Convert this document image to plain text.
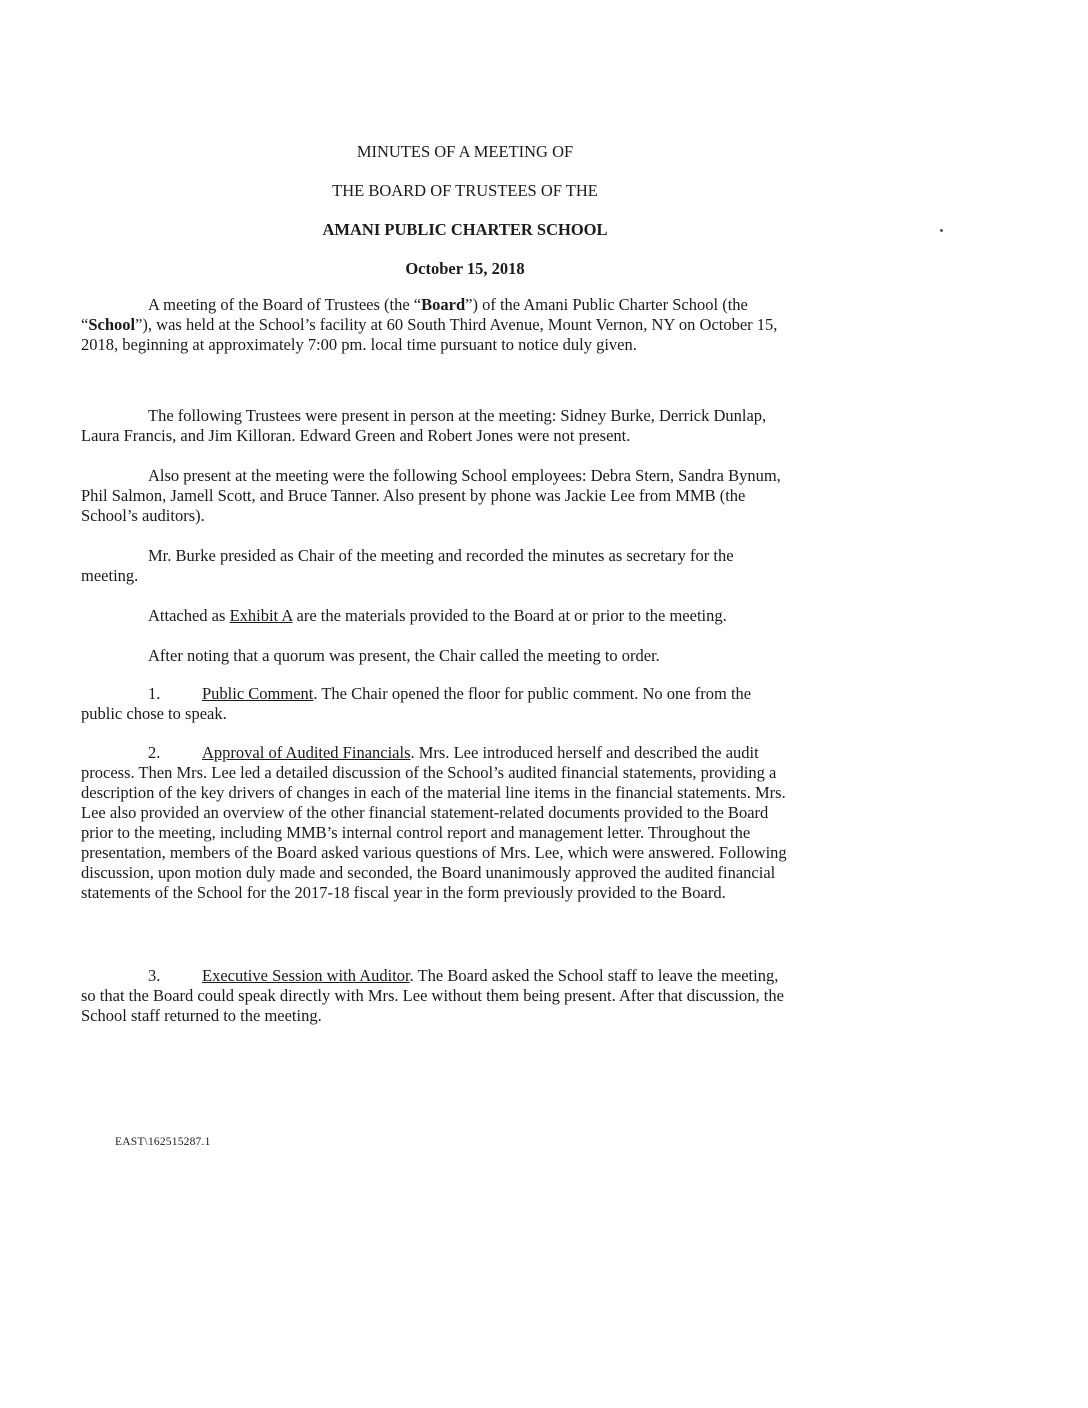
MINUTES OF A MEETING OF
THE BOARD OF TRUSTEES OF THE
AMANI PUBLIC CHARTER SCHOOL
October 15, 2018
A meeting of the Board of Trustees (the “Board”) of the Amani Public Charter School (the “School”), was held at the School’s facility at 60 South Third Avenue, Mount Vernon, NY on October 15, 2018, beginning at approximately 7:00 pm. local time pursuant to notice duly given.
The following Trustees were present in person at the meeting: Sidney Burke, Derrick Dunlap, Laura Francis, and Jim Killoran. Edward Green and Robert Jones were not present.
Also present at the meeting were the following School employees: Debra Stern, Sandra Bynum, Phil Salmon, Jamell Scott, and Bruce Tanner. Also present by phone was Jackie Lee from MMB (the School’s auditors).
Mr. Burke presided as Chair of the meeting and recorded the minutes as secretary for the meeting.
Attached as Exhibit A are the materials provided to the Board at or prior to the meeting.
After noting that a quorum was present, the Chair called the meeting to order.
1.	Public Comment. The Chair opened the floor for public comment. No one from the public chose to speak.
2.	Approval of Audited Financials. Mrs. Lee introduced herself and described the audit process. Then Mrs. Lee led a detailed discussion of the School’s audited financial statements, providing a description of the key drivers of changes in each of the material line items in the financial statements. Mrs. Lee also provided an overview of the other financial statement-related documents provided to the Board prior to the meeting, including MMB’s internal control report and management letter. Throughout the presentation, members of the Board asked various questions of Mrs. Lee, which were answered. Following discussion, upon motion duly made and seconded, the Board unanimously approved the audited financial statements of the School for the 2017-18 fiscal year in the form previously provided to the Board.
3.	Executive Session with Auditor. The Board asked the School staff to leave the meeting, so that the Board could speak directly with Mrs. Lee without them being present. After that discussion, the School staff returned to the meeting.
EAST\162515287.1
